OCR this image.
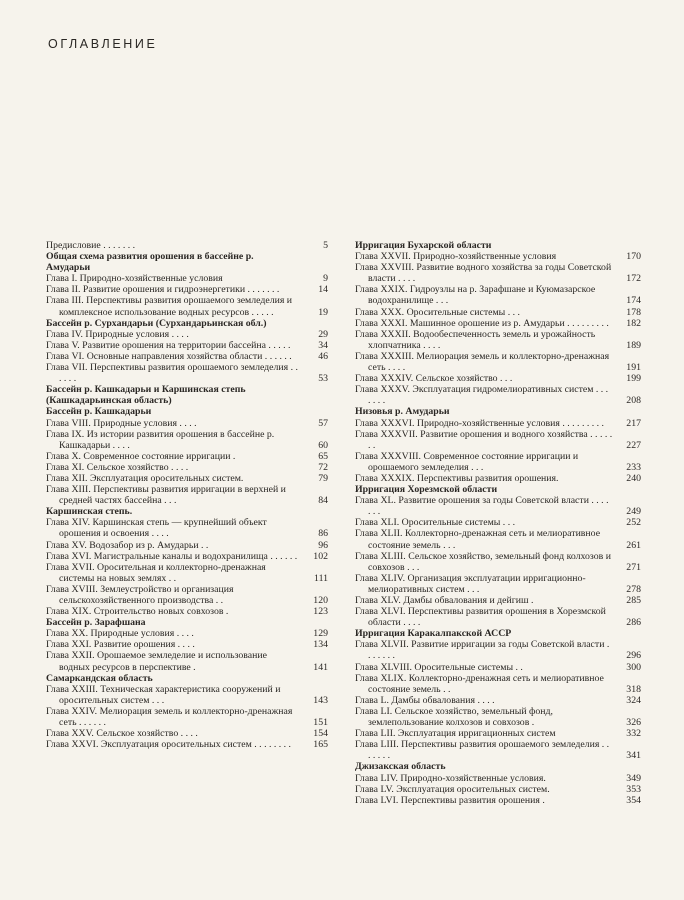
ОГЛАВЛЕНИЕ
Предисловие . . . . . . .	5
Общая схема развития орошения в бассейне р. Амударьи
Глава I. Природно-хозяйственные условия	9
Глава II. Развитие орошения и гидроэнергетики . . . . . . .	14
Глава III. Перспективы развития орошаемого земледелия и комплексное использование водных ресурсов . . . . .	19
Бассейн р. Сурхандарьи (Сурхандарьинская обл.)
Глава IV. Природные условия . . . .	29
Глава V. Развитие орошения на территории бассейна . . . . .	34
Глава VI. Основные направления хозяйства области . . . . . .	46
Глава VII. Перспективы развития орошаемого земледелия . . . . . .	53
Бассейн р. Кашкадарьи и Каршинская степь (Кашкадарьинская область)
Бассейн р. Кашкадарьи
Глава VIII. Природные условия . . . .	57
Глава IX. Из истории развития орошения в бассейне р. Кашкадарьи . . . .	60
Глава X. Современное состояние ирригации .	65
Глава XI. Сельское хозяйство . . . .	72
Глава XII. Эксплуатация оросительных систем.	79
Глава XIII. Перспективы развития ирригации в верхней и средней частях бассейна . . .	84
Каршинская степь.
Глава XIV. Каршинская степь — крупнейший объект орошения и освоения . . . .	86
Глава XV. Водозабор из р. Амударьи . .	96
Глава XVI. Магистральные каналы и водохранилища . . . . . .	102
Глава XVII. Оросительная и коллекторно-дренажная системы на новых землях . .	111
Глава XVIII. Землеустройство и организация сельскохозяйственного производства . .	120
Глава XIX. Строительство новых совхозов .	123
Бассейн р. Зарафшана
Глава XX. Природные условия . . . .	129
Глава XXI. Развитие орошения . . . .	134
Глава XXII. Орошаемое земледелие и использование водных ресурсов в перспективе .	141
Самаркандская область
Глава XXIII. Техническая характеристика сооружений и оросительных систем . . .	143
Глава XXIV. Мелиорация земель и коллекторно-дренажная сеть . . . . . .	151
Глава XXV. Сельское хозяйство . . . .	154
Глава XXVI. Эксплуатация оросительных систем . . . . . . . .	165
Ирригация Бухарской области
Глава XXVII. Природно-хозяйственные условия	170
Глава XXVIII. Развитие водного хозяйства за годы Советской власти . . . .	172
Глава XXIX. Гидроузлы на р. Зарафшане и Куюмазарское водохранилище . . .	174
Глава XXX. Оросительные системы . . .	178
Глава XXXI. Машинное орошение из р. Амударьи . . . . . . . . .	182
Глава XXXII. Водообеспеченность земель и урожайность хлопчатника . . . .	189
Глава XXXIII. Мелиорация земель и коллекторно-дренажная сеть . . . .	191
Глава XXXIV. Сельское хозяйство . . .	199
Глава XXXV. Эксплуатация гидромелиоративных систем . . . . . . .	208
Низовья р. Амударьи
Глава XXXVI. Природно-хозяйственные условия . . . . . . . . .	217
Глава XXXVII. Развитие орошения и водного хозяйства . . . . . . .	227
Глава XXXVIII. Современное состояние ирригации и орошаемого земледелия . . .	233
Глава XXXIX. Перспективы развития орошения.	240
Ирригация Хорезмской области
Глава XL. Развитие орошения за годы Советской власти . . . . . . .	249
Глава XLI. Оросительные системы . . .	252
Глава XLII. Коллекторно-дренажная сеть и мелиоративное состояние земель . . .	261
Глава XLIII. Сельское хозяйство, земельный фонд колхозов и совхозов . . .	271
Глава XLIV. Организация эксплуатации ирригационно-мелиоративных систем . . .	278
Глава XLV. Дамбы обвалования и дейгиш .	285
Глава XLVI. Перспективы развития орошения в Хорезмской области . . . .	286
Ирригация Каракалпакской АССР
Глава XLVII. Развитие ирригации за годы Советской власти . . . . . . .	296
Глава XLVIII. Оросительные системы . .	300
Глава XLIX. Коллекторно-дренажная сеть и мелиоративное состояние земель . .	318
Глава L. Дамбы обвалования . . . .	324
Глава LI. Сельское хозяйство, земельный фонд, землепользование колхозов и совхозов .	326
Глава LII. Эксплуатация ирригационных систем	332
Глава LIII. Перспективы развития орошаемого земледелия . . . . . . .	341
Джизакская область
Глава LIV. Природно-хозяйственные условия.	349
Глава LV. Эксплуатация оросительных систем.	353
Глава LVI. Перспективы развития орошения .	354
